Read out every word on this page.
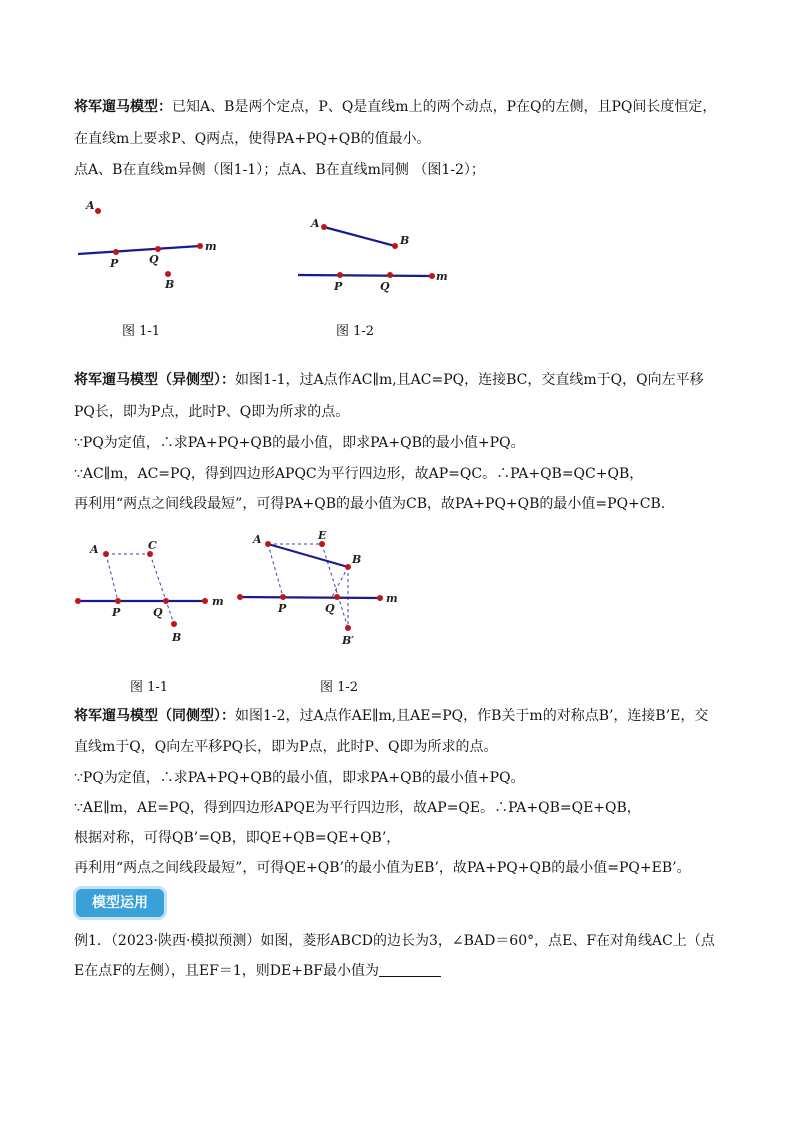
将军遛马模型：已知A、B是两个定点，P、Q是直线m上的两个动点，P在Q的左侧，且PQ间长度恒定，
在直线m上要求P、Q两点，使得PA+PQ+QB的值最小。
点A、B在直线m异侧（图1-1）；点A、B在直线m同侧 （图1-2）；
A
P	Q
m
B
A
B
P	Q
m
图 1-1	图 1-2
将军遛马模型（异侧型）：如图1-1，过A点作AC∥m,且AC=PQ，连接BC，交直线m于Q，Q向左平移
PQ长，即为P点，此时P、Q即为所求的点。
∵PQ为定值，∴求PA+PQ+QB的最小值，即求PA+QB的最小值+PQ。
∵AC∥m，AC=PQ，得到四边形APQC为平行四边形，故AP=QC。∴PA+QB=QC+QB，
再利用“两点之间线段最短”，可得PA+QB的最小值为CB，故PA+PQ+QB的最小值=PQ+CB.
A	C
P	Q
m
B
A	E
B
P	Q
m
B′
图 1-1	图 1-2
将军遛马模型（同侧型）：如图1-2，过A点作AE∥m,且AE=PQ，作B关于m的对称点B’，连接B’E，交
直线m于Q，Q向左平移PQ长，即为P点，此时P、Q即为所求的点。
∵PQ为定值，∴求PA+PQ+QB的最小值，即求PA+QB的最小值+PQ。
∵AE∥m，AE=PQ，得到四边形APQE为平行四边形，故AP=QE。∴PA+QB=QE+QB，
根据对称，可得QB’=QB，即QE+QB=QE+QB’，
再利用“两点之间线段最短”，可得QE+QB’的最小值为EB’，故PA+PQ+QB的最小值=PQ+EB’。
模型运用
例1．（2023·陕西·模拟预测）如图，菱形ABCD的边长为3，∠BAD＝60°，点E、F在对角线AC上（点
E在点F的左侧），且EF＝1，则DE+BF最小值为
